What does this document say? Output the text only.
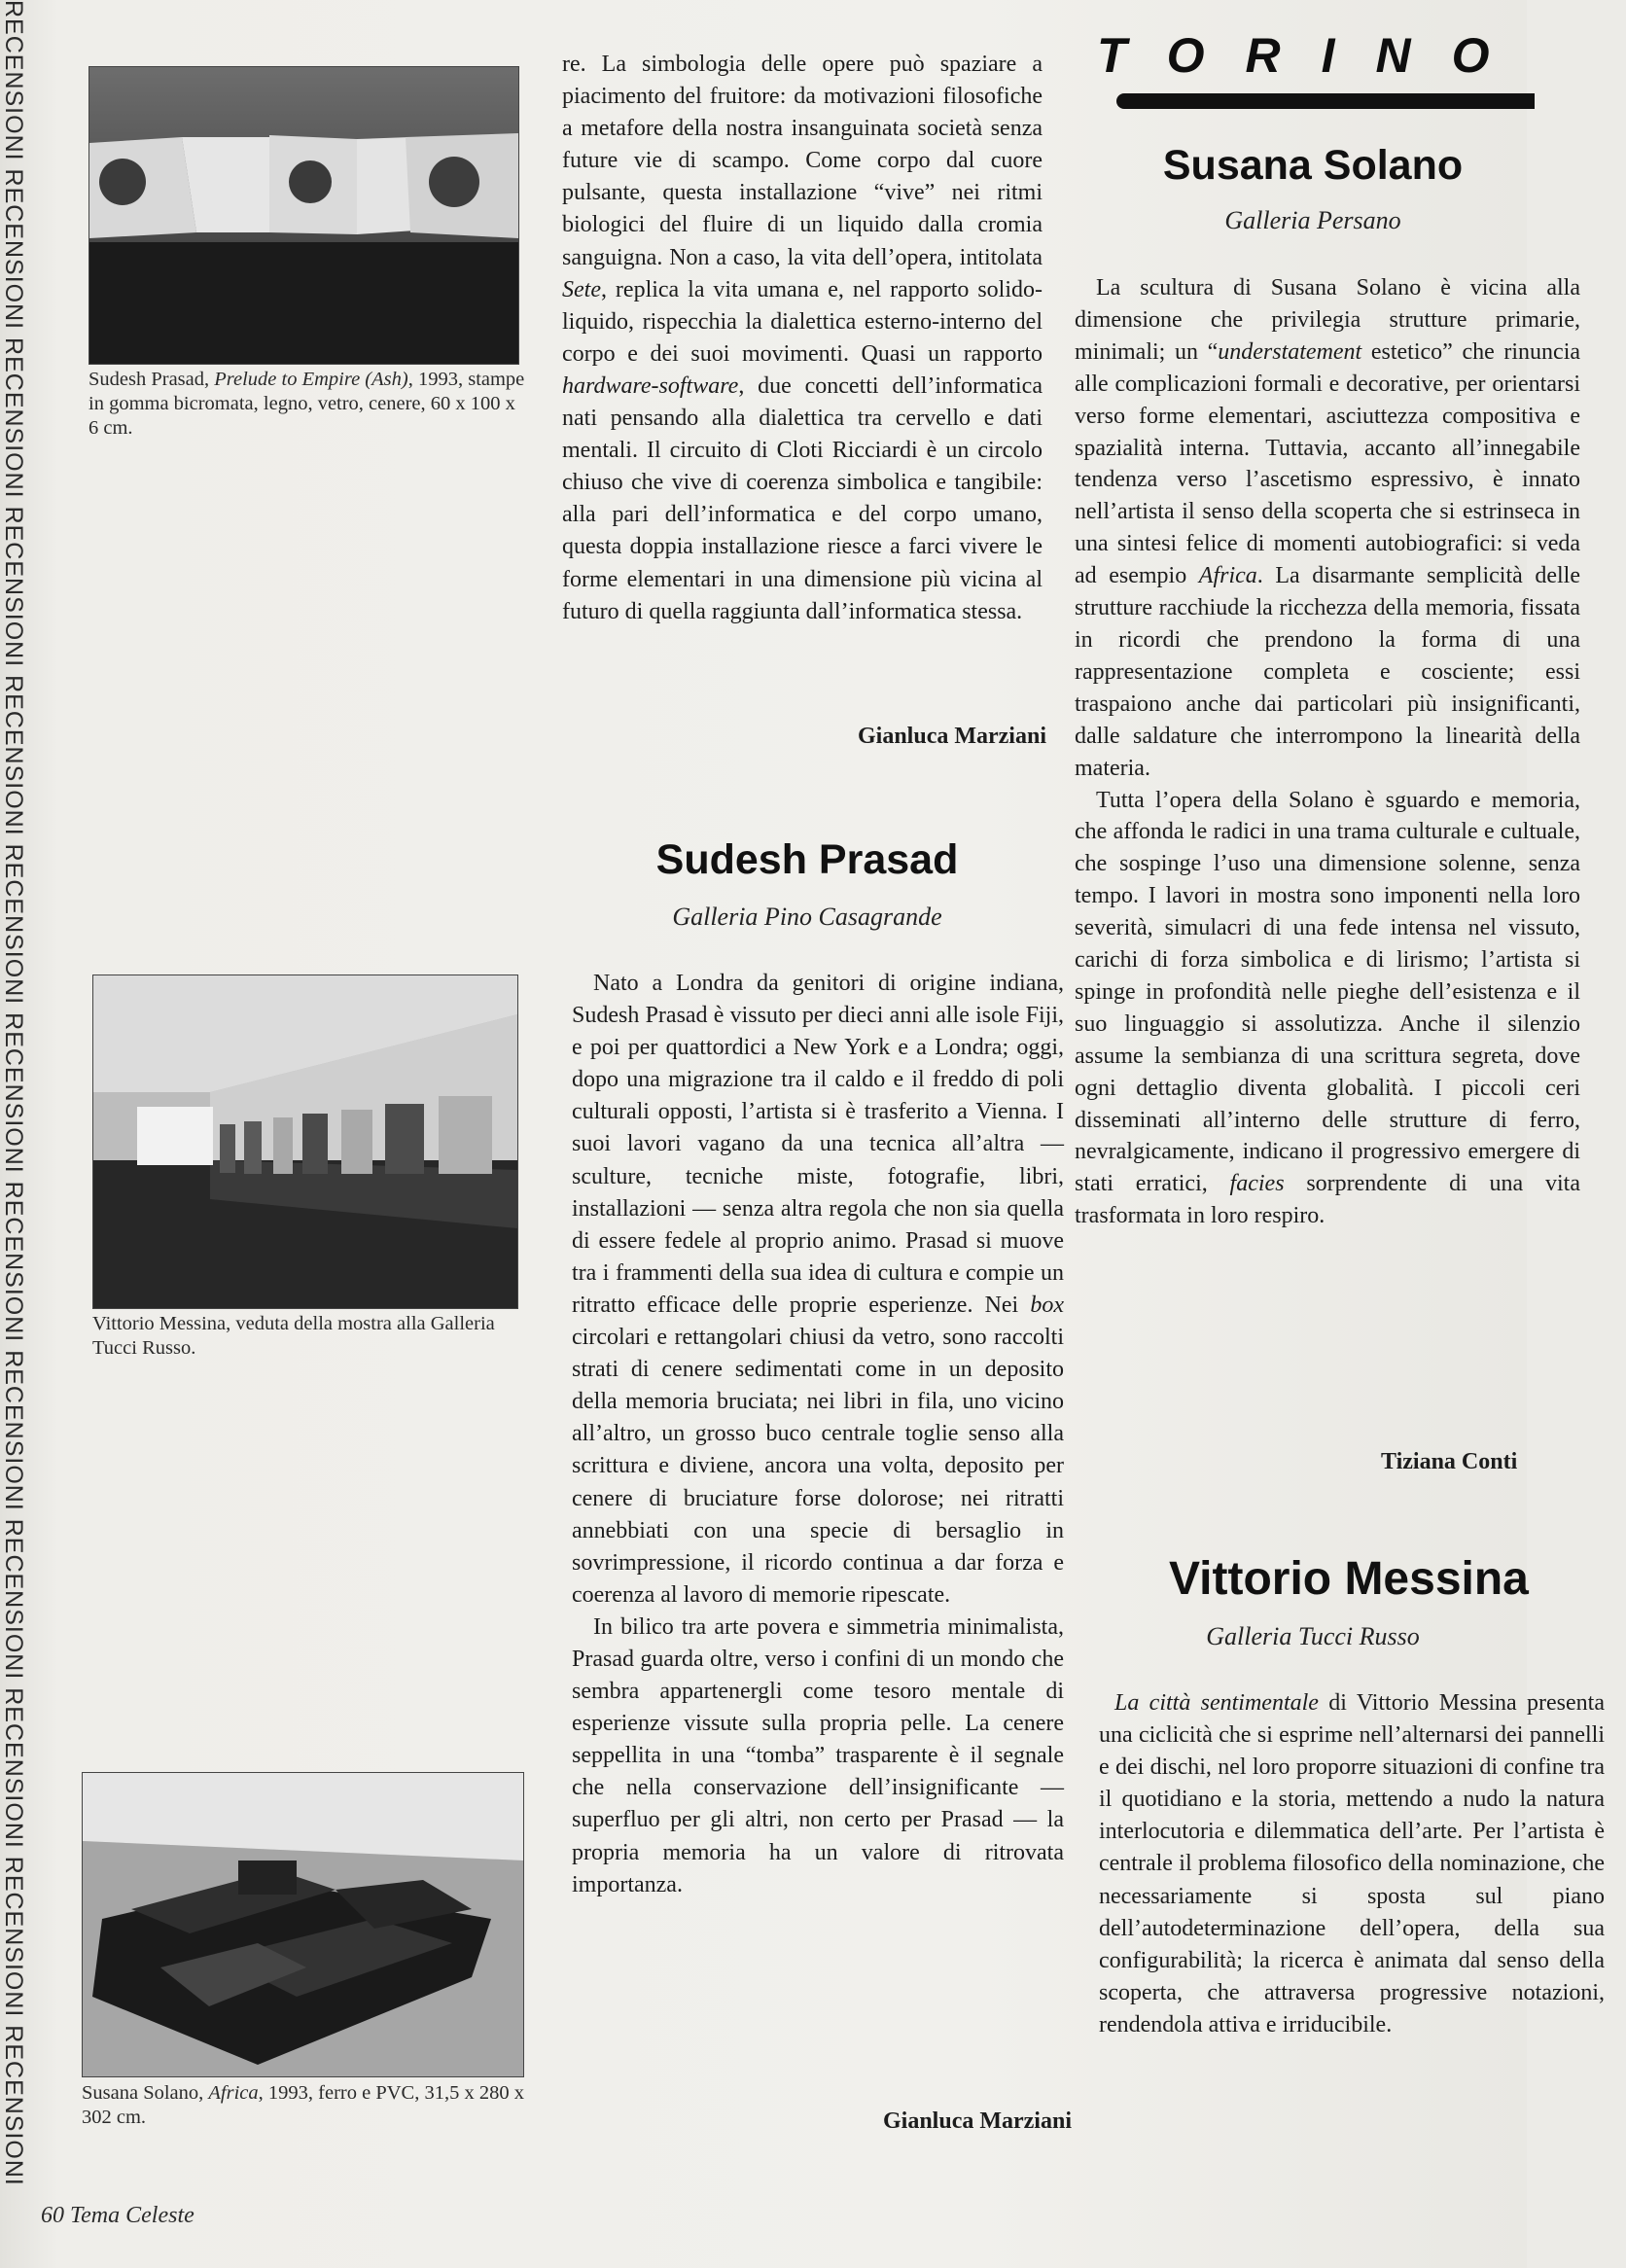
RECENSIONI RECENSIONI RECENSIONI RECENSIONI RECENSIONI RECENSIONI RECENSIONI RECENSIONI RECENSIONI RECENSIONI RECENSIONI RECENSIONI RECENSIONI	TORINO
Sudesh Prasad, Prelude to Empire (Ash), 1993, stampe in gomma bicromata, legno, vetro, cenere, 60 x 100 x 6 cm.
Vittorio Messina, veduta della mostra alla Galleria Tucci Russo.
Susana Solano, Africa, 1993, ferro e PVC, 31,5 x 280 x 302 cm.

re. La simbologia delle opere può spaziare a piacimento del fruitore: da motivazioni filosofiche a metafore della nostra insanguinata società senza future vie di scampo. Come corpo dal cuore pulsante, questa installazione “vive” nei ritmi biologici del fluire di un liquido dalla cromia sanguigna. Non a caso, la vita dell’opera, intitolata Sete, replica la vita umana e, nel rapporto solido-liquido, rispecchia la dialettica esterno-interno del corpo e dei suoi movimenti. Quasi un rapporto hardware-software, due concetti dell’informatica nati pensando alla dialettica tra cervello e dati mentali. Il circuito di Cloti Ricciardi è un circolo chiuso che vive di coerenza simbolica e tangibile: alla pari dell’informatica e del corpo umano, questa doppia installazione riesce a farci vivere le forme elementari in una dimensione più vicina al futuro di quella raggiunta dall’informatica stessa.

Gianluca Marziani
Sudesh Prasad
Galleria Pino Casagrande

Nato a Londra da genitori di origine indiana, Sudesh Prasad è vissuto per dieci anni alle isole Fiji, e poi per quattordici a New York e a Londra; oggi, dopo una migrazione tra il caldo e il freddo di poli culturali opposti, l’artista si è trasferito a Vienna. I suoi lavori vagano da una tecnica all’altra — sculture, tecniche miste, fotografie, libri, installazioni — senza altra regola che non sia quella di essere fedele al proprio animo. Prasad si muove tra i frammenti della sua idea di cultura e compie un ritratto efficace delle proprie esperienze. Nei box circolari e rettangolari chiusi da vetro, sono raccolti strati di cenere sedimentati come in un deposito della memoria bruciata; nei libri in fila, uno vicino all’altro, un grosso buco centrale toglie senso alla scrittura e diviene, ancora una volta, deposito per cenere di bruciature forse dolorose; nei ritratti annebbiati con una specie di bersaglio in sovrimpressione, il ricordo continua a dar forza e coerenza al lavoro di memorie ripescate.

In bilico tra arte povera e simmetria minimalista, Prasad guarda oltre, verso i confini di un mondo che sembra appartenergli come tesoro mentale di esperienze vissute sulla propria pelle. La cenere seppellita in una “tomba” trasparente è il segnale che nella conservazione dell’insignificante — superfluo per gli altri, non certo per Prasad — la propria memoria ha un valore di ritrovata importanza.

Gianluca Marziani
Susana Solano
Galleria Persano

La scultura di Susana Solano è vicina alla dimensione che privilegia strutture primarie, minimali; un “understatement estetico” che rinuncia alle complicazioni formali e decorative, per orientarsi verso forme elementari, asciuttezza compositiva e spazialità interna. Tuttavia, accanto all’innegabile tendenza verso l’ascetismo espressivo, è innato nell’artista il senso della scoperta che si estrinseca in una sintesi felice di momenti autobiografici: si veda ad esempio Africa. La disarmante semplicità delle strutture racchiude la ricchezza della memoria, fissata in ricordi che prendono la forma di una rappresentazione completa e cosciente; essi traspaiono anche dai particolari più insignificanti, dalle saldature che interrompono la linearità della materia.

Tutta l’opera della Solano è sguardo e memoria, che affonda le radici in una trama culturale e cultuale, che sospinge l’uso una dimensione solenne, senza tempo. I lavori in mostra sono imponenti nella loro severità, simulacri di una fede intensa nel vissuto, carichi di forza simbolica e di lirismo; l’artista si spinge in profondità nelle pieghe dell’esistenza e il suo linguaggio si assolutizza. Anche il silenzio assume la sembianza di una scrittura segreta, dove ogni dettaglio diventa globalità. I piccoli ceri disseminati all’interno delle strutture di ferro, nevralgicamente, indicano il progressivo emergere di stati erratici, facies sorprendente di una vita trasformata in loro respiro.

Tiziana Conti
Vittorio Messina
Galleria Tucci Russo

La città sentimentale di Vittorio Messina presenta una ciclicità che si esprime nell’alternarsi dei pannelli e dei dischi, nel loro proporre situazioni di confine tra il quotidiano e la storia, mettendo a nudo la natura interlocutoria e dilemmatica dell’arte. Per l’artista è centrale il problema filosofico della nominazione, che necessariamente si sposta sul piano dell’autodeterminazione dell’opera, della sua configurabilità; la ricerca è animata dal senso della scoperta, che attraversa progressive notazioni, rendendola attiva e irriducibile.

60 Tema Celeste
